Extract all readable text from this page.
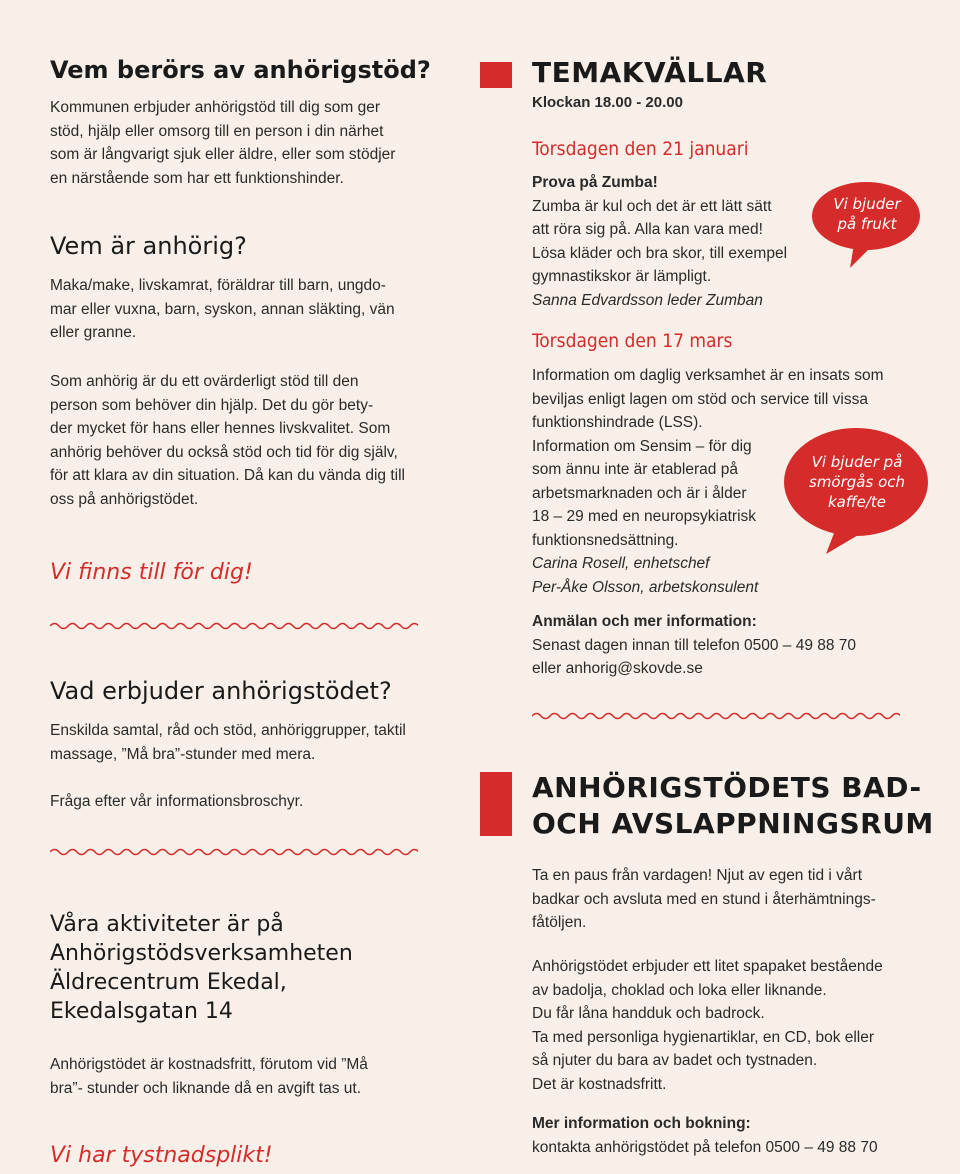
Vem berörs av anhörigstöd?
Kommunen erbjuder anhörigstöd till dig som ger
stöd, hjälp eller omsorg till en person i din närhet
som är långvarigt sjuk eller äldre, eller som stödjer
en närstående som har ett funktionshinder.
Vem är anhörig?
Maka/make, livskamrat, föräldrar till barn, ungdo-
mar eller vuxna, barn, syskon, annan släkting, vän
eller granne.
Som anhörig är du ett ovärderligt stöd till den
person som behöver din hjälp. Det du gör bety-
der mycket för hans eller hennes livskvalitet. Som
anhörig behöver du också stöd och tid för dig själv,
för att klara av din situation. Då kan du vända dig till
oss på anhörigstödet.
Vi finns till för dig!
Vad erbjuder anhörigstödet?
Enskilda samtal, råd och stöd, anhöriggrupper, taktil
massage, ”Må bra”-stunder med mera.
Fråga efter vår informationsbroschyr.
Våra aktiviteter är på
Anhörigstödsverksamheten
Äldrecentrum Ekedal,
Ekedalsgatan 14
Anhörigstödet är kostnadsfritt, förutom vid ”Må
bra”- stunder och liknande då en avgift tas ut.
Vi har tystnadsplikt!
TEMAKVÄLLAR
Klockan 18.00 - 20.00
Torsdagen den 21 januari
Prova på Zumba!
Zumba är kul och det är ett lätt sätt
att röra sig på. Alla kan vara med!
Lösa kläder och bra skor, till exempel
gymnastikskor är lämpligt.
Sanna Edvardsson leder Zumban
Vi bjuder
på frukt
Torsdagen den 17 mars
Information om daglig verksamhet är en insats som
beviljas enligt lagen om stöd och service till vissa
funktionshindrade (LSS).
Information om Sensim – för dig
som ännu inte är etablerad på
arbetsmarknaden och är i ålder
18 – 29 med en neuropsykiatrisk
funktionsnedsättning.
Carina Rosell, enhetschef
Per-Åke Olsson, arbetskonsulent
Vi bjuder på
smörgås och
kaffe/te
Anmälan och mer information:
Senast dagen innan till telefon 0500 – 49 88 70
eller anhorig@skovde.se
ANHÖRIGSTÖDETS BAD-
OCH AVSLAPPNINGSRUM
Ta en paus från vardagen! Njut av egen tid i vårt
badkar och avsluta med en stund i återhämtnings-
fåtöljen.
Anhörigstödet erbjuder ett litet spapaket bestående
av badolja, choklad och loka eller liknande.
Du får låna handduk och badrock.
Ta med personliga hygienartiklar, en CD, bok eller
så njuter du bara av badet och tystnaden.
Det är kostnadsfritt.
Mer information och bokning:
kontakta anhörigstödet på telefon 0500 – 49 88 70
